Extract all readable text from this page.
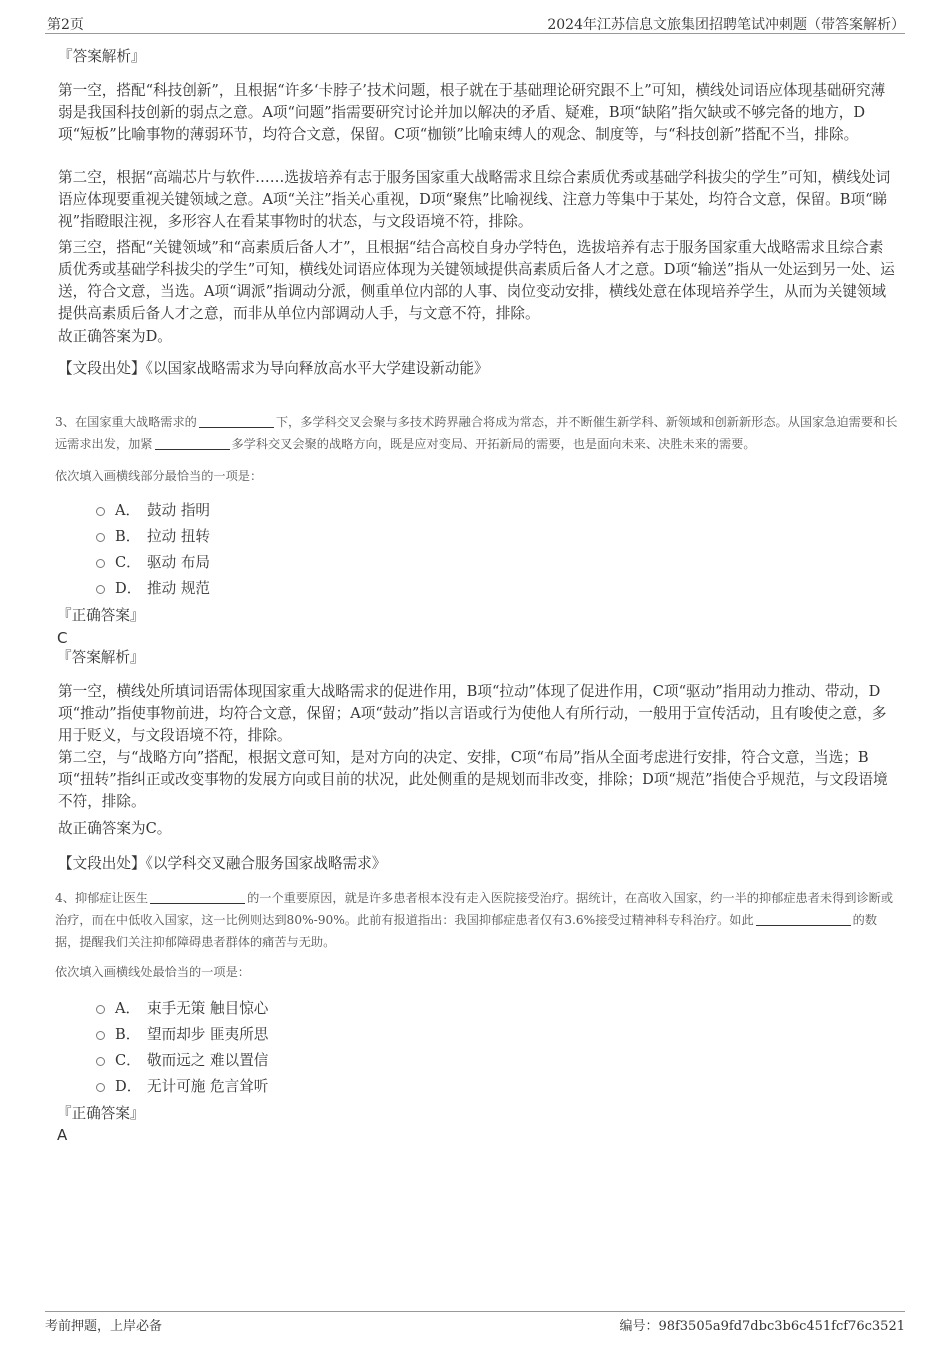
第2页	2024年江苏信息文旅集团招聘笔试冲刺题（带答案解析）
『答案解析』
第一空，搭配“科技创新”，且根据“许多‘卡脖子’技术问题，根子就在于基础理论研究跟不上”可知，横线处词语应体现基础研究薄弱是我国科技创新的弱点之意。A项“问题”指需要研究讨论并加以解决的矛盾、疑难，B项“缺陷”指欠缺或不够完备的地方，D项“短板”比喻事物的薄弱环节，均符合文意，保留。C项“枷锁”比喻束缚人的观念、制度等，与“科技创新”搭配不当，排除。
第二空，根据“高端芯片与软件……选拔培养有志于服务国家重大战略需求且综合素质优秀或基础学科拔尖的学生”可知，横线处词语应体现要重视关键领域之意。A项“关注”指关心重视，D项“聚焦”比喻视线、注意力等集中于某处，均符合文意，保留。B项“睇视”指瞪眼注视，多形容人在看某事物时的状态，与文段语境不符，排除。
第三空，搭配“关键领域”和“高素质后备人才”，且根据“结合高校自身办学特色，选拔培养有志于服务国家重大战略需求且综合素质优秀或基础学科拔尖的学生”可知，横线处词语应体现为关键领域提供高素质后备人才之意。D项“输送”指从一处运到另一处、运送，符合文意，当选。A项“调派”指调动分派，侧重单位内部的人事、岗位变动安排，横线处意在体现培养学生，从而为关键领域提供高素质后备人才之意，而非从单位内部调动人手，与文意不符，排除。
故正确答案为D。
【文段出处】《以国家战略需求为导向释放高水平大学建设新动能》
3、在国家重大战略需求的	下，多学科交叉会聚与多技术跨界融合将成为常态，并不断催生新学科、新领域和创新新形态。从国家急迫需要和长远需求出发，加紧	多学科交叉会聚的战略方向，既是应对变局、开拓新局的需要，也是面向未来、决胜未来的需要。
依次填入画横线部分最恰当的一项是：
A． 鼓动 指明
B． 拉动 扭转
C． 驱动 布局
D． 推动 规范
『正确答案』
C
『答案解析』
第一空，横线处所填词语需体现国家重大战略需求的促进作用，B项“拉动”体现了促进作用，C项“驱动”指用动力推动、带动，D项“推动”指使事物前进，均符合文意，保留；A项“鼓动”指以言语或行为使他人有所行动，一般用于宣传活动，且有唆使之意，多用于贬义，与文段语境不符，排除。
第二空，与“战略方向”搭配，根据文意可知，是对方向的决定、安排，C项“布局”指从全面考虑进行安排，符合文意，当选；B项“扭转”指纠正或改变事物的发展方向或目前的状况，此处侧重的是规划而非改变，排除；D项“规范”指使合乎规范，与文段语境不符，排除。
故正确答案为C。
【文段出处】《以学科交叉融合服务国家战略需求》
4、抑郁症让医生	的一个重要原因，就是许多患者根本没有走入医院接受治疗。据统计，在高收入国家，约一半的抑郁症患者未得到诊断或治疗，而在中低收入国家，这一比例则达到80%-90%。此前有报道指出：我国抑郁症患者仅有3.6%接受过精神科专科治疗。如此	的数据，提醒我们关注抑郁障碍患者群体的痛苦与无助。
依次填入画横线处最恰当的一项是：
A． 束手无策 触目惊心
B． 望而却步 匪夷所思
C． 敬而远之 难以置信
D． 无计可施 危言耸听
『正确答案』
A
考前押题，上岸必备	编号：98f3505a9fd7dbc3b6c451fcf76c3521
